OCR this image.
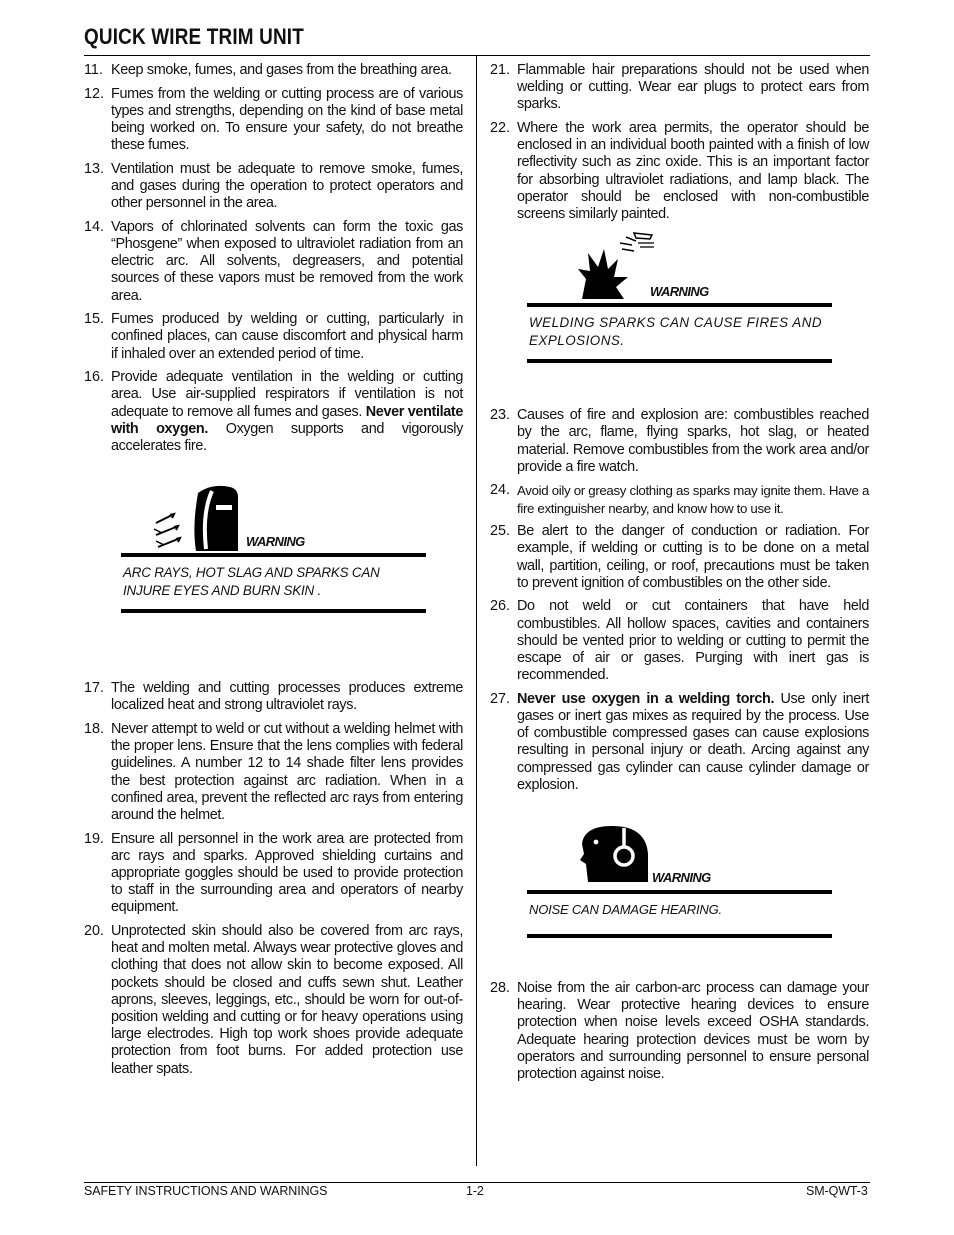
QUICK WIRE TRIM UNIT
11. Keep smoke, fumes, and gases from the breathing area.
12. Fumes from the welding or cutting process are of various types and strengths, depending on the kind of base metal being worked on. To ensure your safety, do not breathe these fumes.
13. Ventilation must be adequate to remove smoke, fumes, and gases during the operation to protect operators and other personnel in the area.
14. Vapors of chlorinated solvents can form the toxic gas “Phosgene” when exposed to ultraviolet radiation from an electric arc. All solvents, degreasers, and potential sources of these vapors must be removed from the work area.
15. Fumes produced by welding or cutting, particularly in confined places, can cause discomfort and physical harm if inhaled over an extended period of time.
16. Provide adequate ventilation in the welding or cutting area. Use air-supplied respirators if ventilation is not adequate to remove all fumes and gases. Never ventilate with oxygen. Oxygen supports and vigorously accelerates fire.
WARNING
ARC RAYS, HOT SLAG AND SPARKS CAN INJURE EYES AND BURN SKIN .
17. The welding and cutting processes produces extreme localized heat and strong ultraviolet rays.
18. Never attempt to weld or cut without a welding helmet with the proper lens. Ensure that the lens complies with federal guidelines. A number 12 to 14 shade filter lens provides the best protection against arc radiation. When in a confined area, prevent the reflected arc rays from entering around the helmet.
19. Ensure all personnel in the work area are protected from arc rays and sparks. Approved shielding curtains and appropriate goggles should be used to provide protection to staff in the surrounding area and operators of nearby equipment.
20. Unprotected skin should also be covered from arc rays, heat and molten metal. Always wear protective gloves and clothing that does not allow skin to become exposed. All pockets should be closed and cuffs sewn shut. Leather aprons, sleeves, leggings, etc., should be worn for out-of-position welding and cutting or for heavy operations using large electrodes. High top work shoes provide adequate protection from foot burns. For added protection use leather spats.
21. Flammable hair preparations should not be used when welding or cutting. Wear ear plugs to protect ears from sparks.
22. Where the work area permits, the operator should be enclosed in an individual booth painted with a finish of low reflectivity such as zinc oxide. This is an important factor for absorbing ultraviolet radiations, and lamp black. The operator should be enclosed with non-combustible screens similarly painted.
WARNING
WELDING SPARKS CAN CAUSE FIRES AND EXPLOSIONS.
23. Causes of fire and explosion are: combustibles reached by the arc, flame, flying sparks, hot slag, or heated material. Remove combustibles from the work area and/or provide a fire watch.
24. Avoid oily or greasy clothing as sparks may ignite them. Have a fire extinguisher nearby, and know how to use it.
25. Be alert to the danger of conduction or radiation. For example, if welding or cutting is to be done on a metal wall, partition, ceiling, or roof, precautions must be taken to prevent ignition of combustibles on the other side.
26. Do not weld or cut containers that have held combustibles. All hollow spaces, cavities and containers should be vented prior to welding or cutting to permit the escape of air or gases. Purging with inert gas is recommended.
27. Never use oxygen in a welding torch. Use only inert gases or inert gas mixes as required by the process. Use of combustible compressed gases can cause explosions resulting in personal injury or death. Arcing against any compressed gas cylinder can cause cylinder damage or explosion.
WARNING
NOISE CAN DAMAGE HEARING.
28. Noise from the air carbon-arc process can damage your hearing. Wear protective hearing devices to ensure protection when noise levels exceed OSHA standards. Adequate hearing protection devices must be worn by operators and surrounding personnel to ensure personal protection against noise.
SAFETY INSTRUCTIONS AND WARNINGS	1-2	SM-QWT-3
